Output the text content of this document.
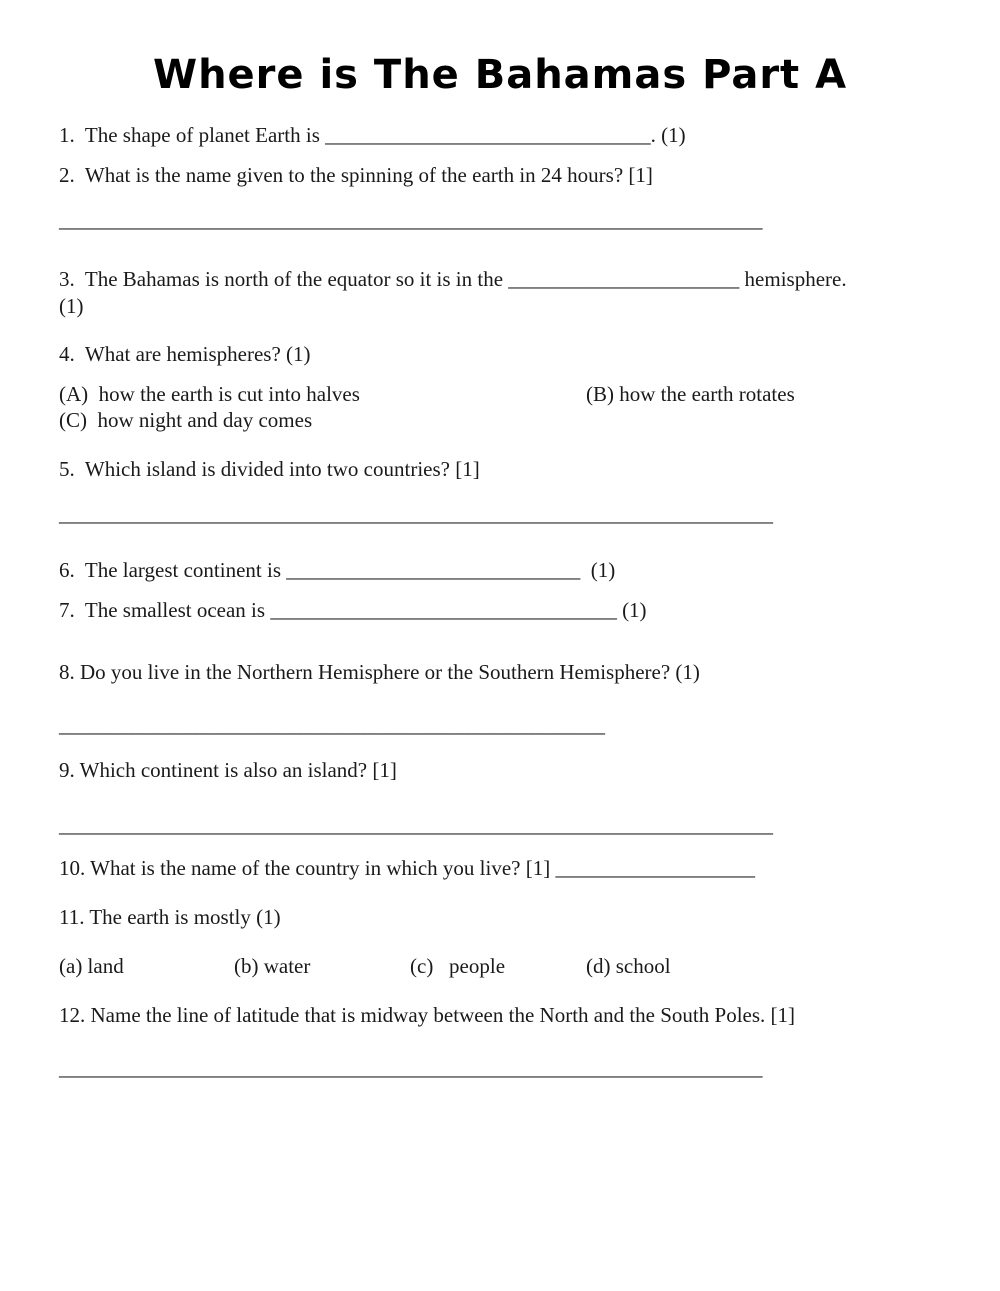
Where is The Bahamas Part A
1.  The shape of planet Earth is _______________________________. (1)
2.  What is the name given to the spinning of the earth in 24 hours? [1]
___________________________________________________________________
3.  The Bahamas is north of the equator so it is in the ______________________ hemisphere.
(1)
4.  What are hemispheres? (1)
(A)  how the earth is cut into halves	(B) how the earth rotates
(C)  how night and day comes
5.  Which island is divided into two countries? [1]
____________________________________________________________________
6.  The largest continent is ____________________________  (1)
7.  The smallest ocean is _________________________________ (1)
8. Do you live in the Northern Hemisphere or the Southern Hemisphere? (1)
____________________________________________________
9. Which continent is also an island? [1]
____________________________________________________________________
10. What is the name of the country in which you live? [1] ___________________
11. The earth is mostly (1)
(a) land	(b) water	(c)   people	(d) school
12. Name the line of latitude that is midway between the North and the South Poles. [1]
___________________________________________________________________
